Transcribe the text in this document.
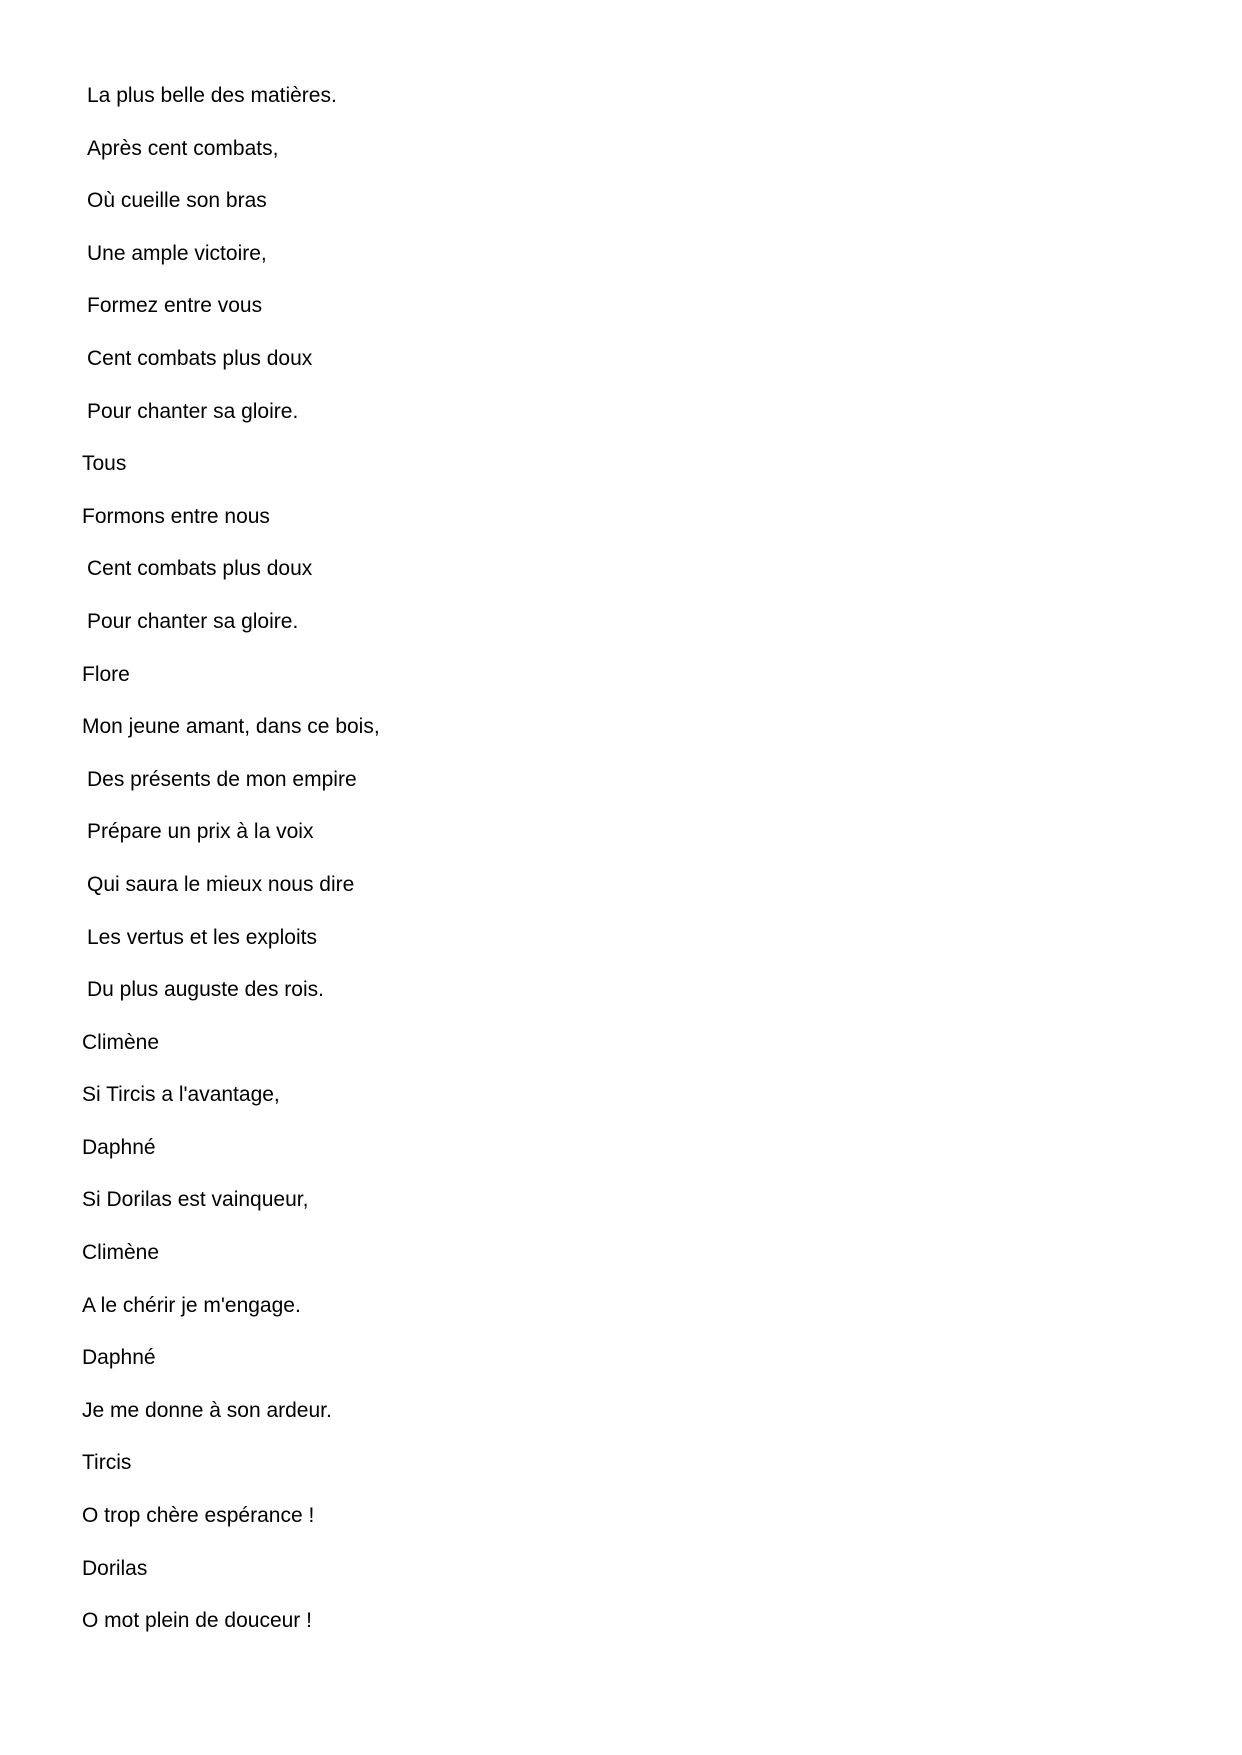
La plus belle des matières.
Après cent combats,
Où cueille son bras
Une ample victoire,
Formez entre vous
Cent combats plus doux
Pour chanter sa gloire.
Tous
Formons entre nous
Cent combats plus doux
Pour chanter sa gloire.
Flore
Mon jeune amant, dans ce bois,
Des présents de mon empire
Prépare un prix à la voix
Qui saura le mieux nous dire
Les vertus et les exploits
Du plus auguste des rois.
Climène
Si Tircis a l'avantage,
Daphné
Si Dorilas est vainqueur,
Climène
A le chérir je m'engage.
Daphné
Je me donne à son ardeur.
Tircis
O trop chère espérance !
Dorilas
O mot plein de douceur !
